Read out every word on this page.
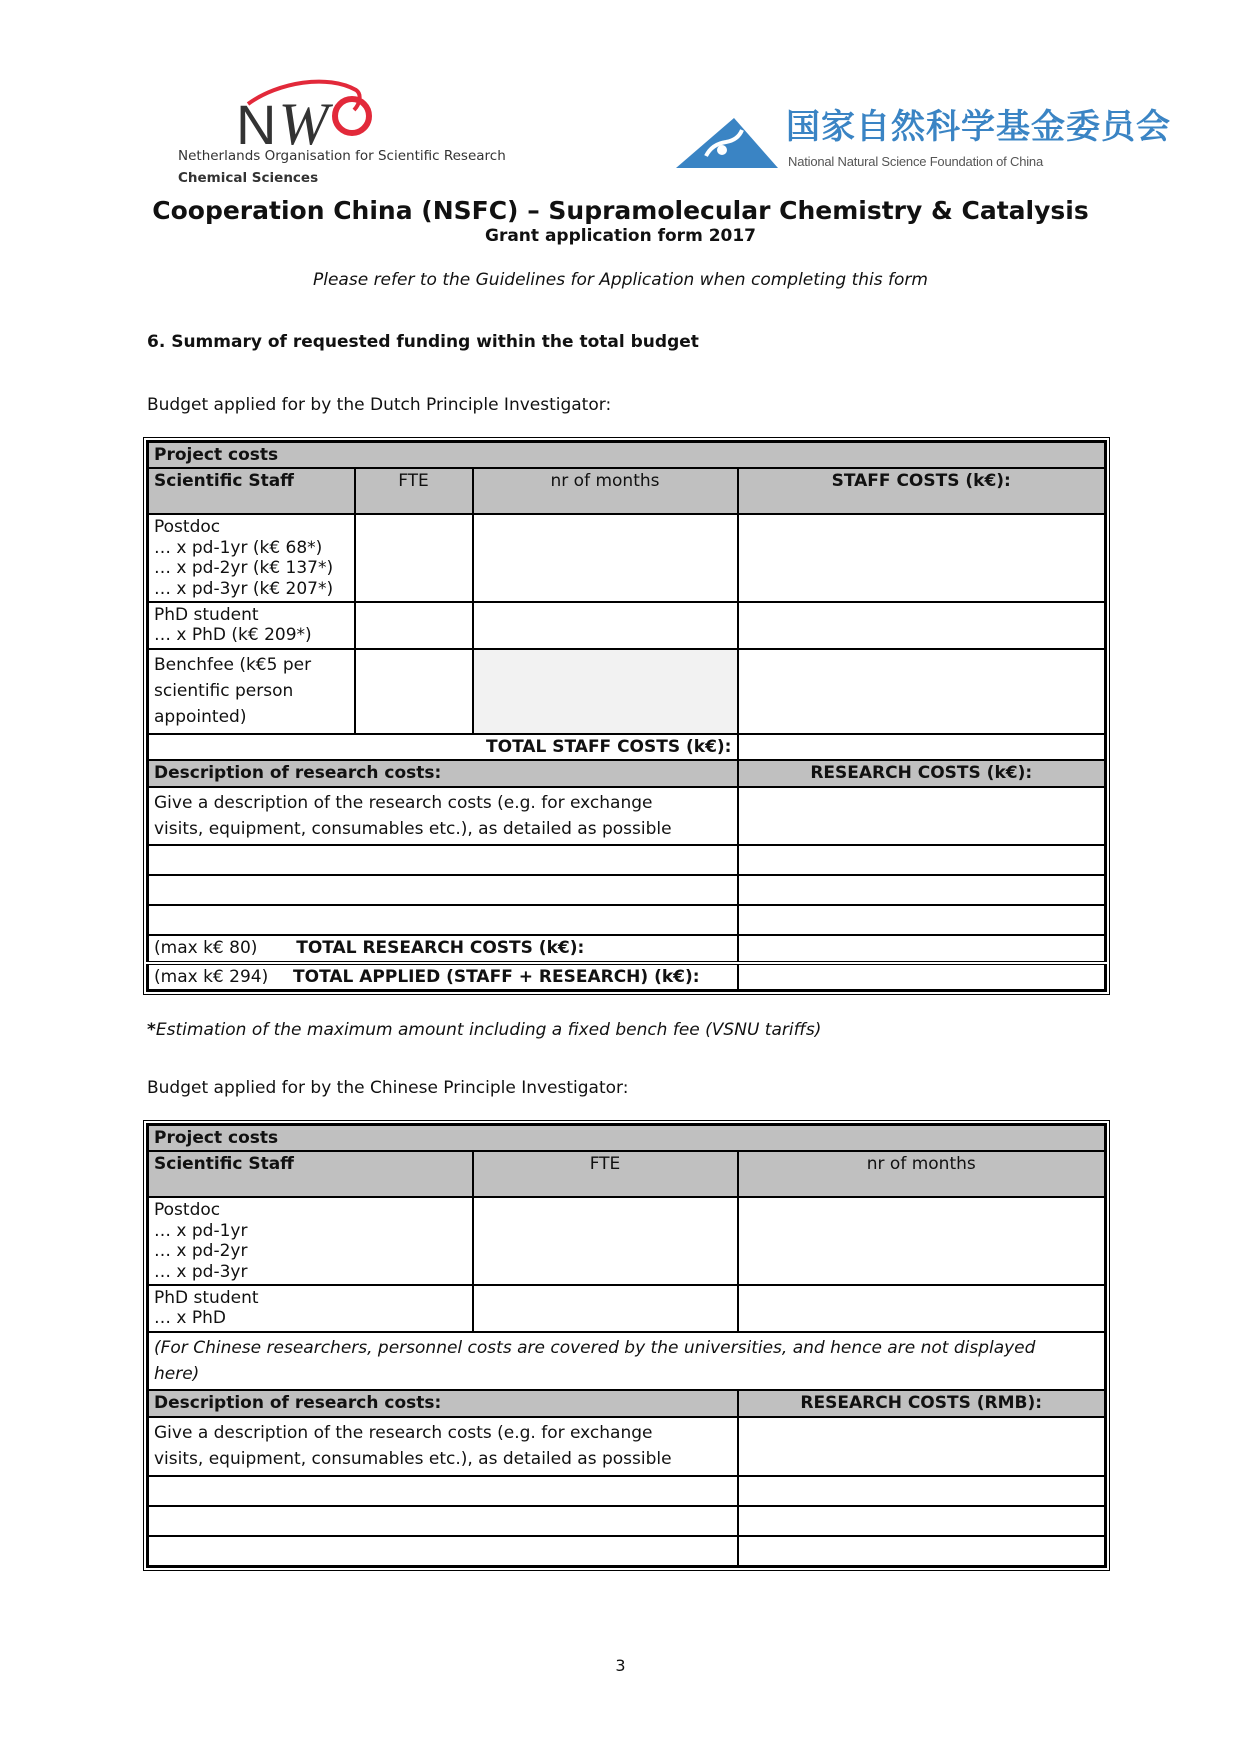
NW
Netherlands Organisation for Scientific Research
Chemical Sciences
国家自然科学基金委员会
National Natural Science Foundation of China
Cooperation China (NSFC) – Supramolecular Chemistry & Catalysis
Grant application form 2017
Please refer to the Guidelines for Application when completing this form
6. Summary of requested funding within the total budget
Budget applied for by the Dutch Principle Investigator:
Project costs			
Scientific Staff	FTE	nr of months	STAFF COSTS (k€):

Postdoc
… x pd-1yr (k€ 68*)
… x pd-2yr (k€ 137*)
… x pd-3yr (k€ 207*)			

PhD student
… x PhD (k€ 209*)			

Benchfee (k€5 per
scientific person
appointed)			

TOTAL STAFF COSTS (k€):			
Description of research costs:			RESEARCH COSTS (k€):
Give a description of the research costs (e.g. for exchange visits, equipment, consumables etc.), as detailed as possible			

(max k€ 80) TOTAL RESEARCH COSTS (k€):			
(max k€ 294) TOTAL APPLIED (STAFF + RESEARCH) (k€):			
*Estimation of the maximum amount including a fixed bench fee (VSNU tariffs)
Budget applied for by the Chinese Principle Investigator:
Project costs		
Scientific Staff	FTE	nr of months

Postdoc
… x pd-1yr
… x pd-2yr
… x pd-3yr		

PhD student
… x PhD		

(For Chinese researchers, personnel costs are covered by the universities, and hence are not displayed here)		
Description of research costs:		RESEARCH COSTS (RMB):
Give a description of the research costs (e.g. for exchange visits, equipment, consumables etc.), as detailed as possible		

3
